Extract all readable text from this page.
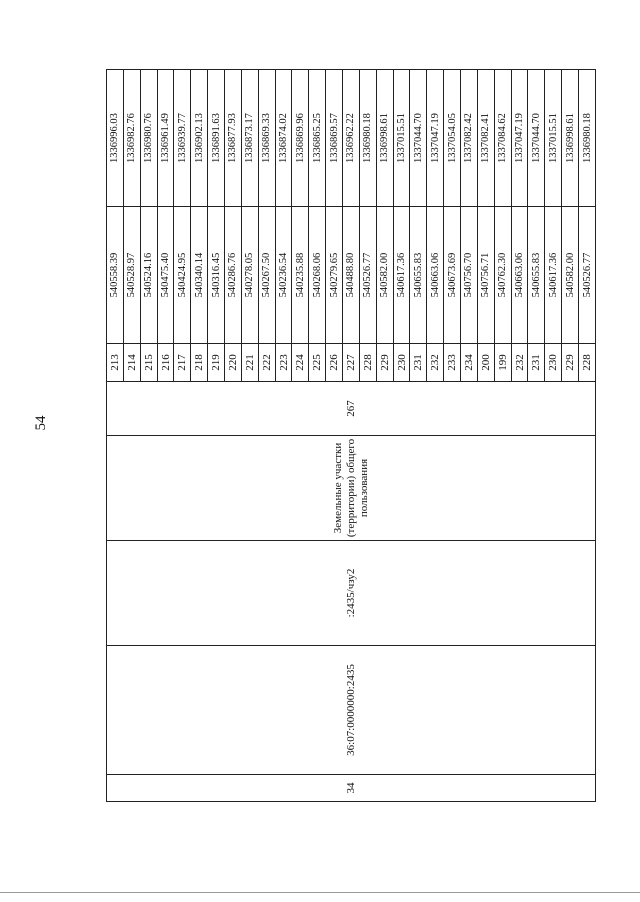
54
34	36:07:0000000:2435	:2435/чзу2	Земельные участки (территории) общего пользования	267	213	540558.39	1336996.03
					214	540528.97	1336982.76
					215	540524.16	1336980.76
					216	540475.40	1336961.49
					217	540424.95	1336939.77
					218	540340.14	1336902.13
					219	540316.45	1336891.63
					220	540286.76	1336877.93
					221	540278.05	1336873.17
					222	540267.50	1336869.33
					223	540236.54	1336874.02
					224	540235.88	1336869.96
					225	540268.06	1336865.25
					226	540279.65	1336869.57
					227	540488.80	1336962.22
					228	540526.77	1336980.18
					229	540582.00	1336998.61
					230	540617.36	1337015.51
					231	540655.83	1337044.70
					232	540663.06	1337047.19
					233	540673.69	1337054.05
					234	540756.70	1337082.42
					200	540756.71	1337082.41
					199	540762.30	1337084.62
					232	540663.06	1337047.19
					231	540655.83	1337044.70
					230	540617.36	1337015.51
					229	540582.00	1336998.61
					228	540526.77	1336980.18
